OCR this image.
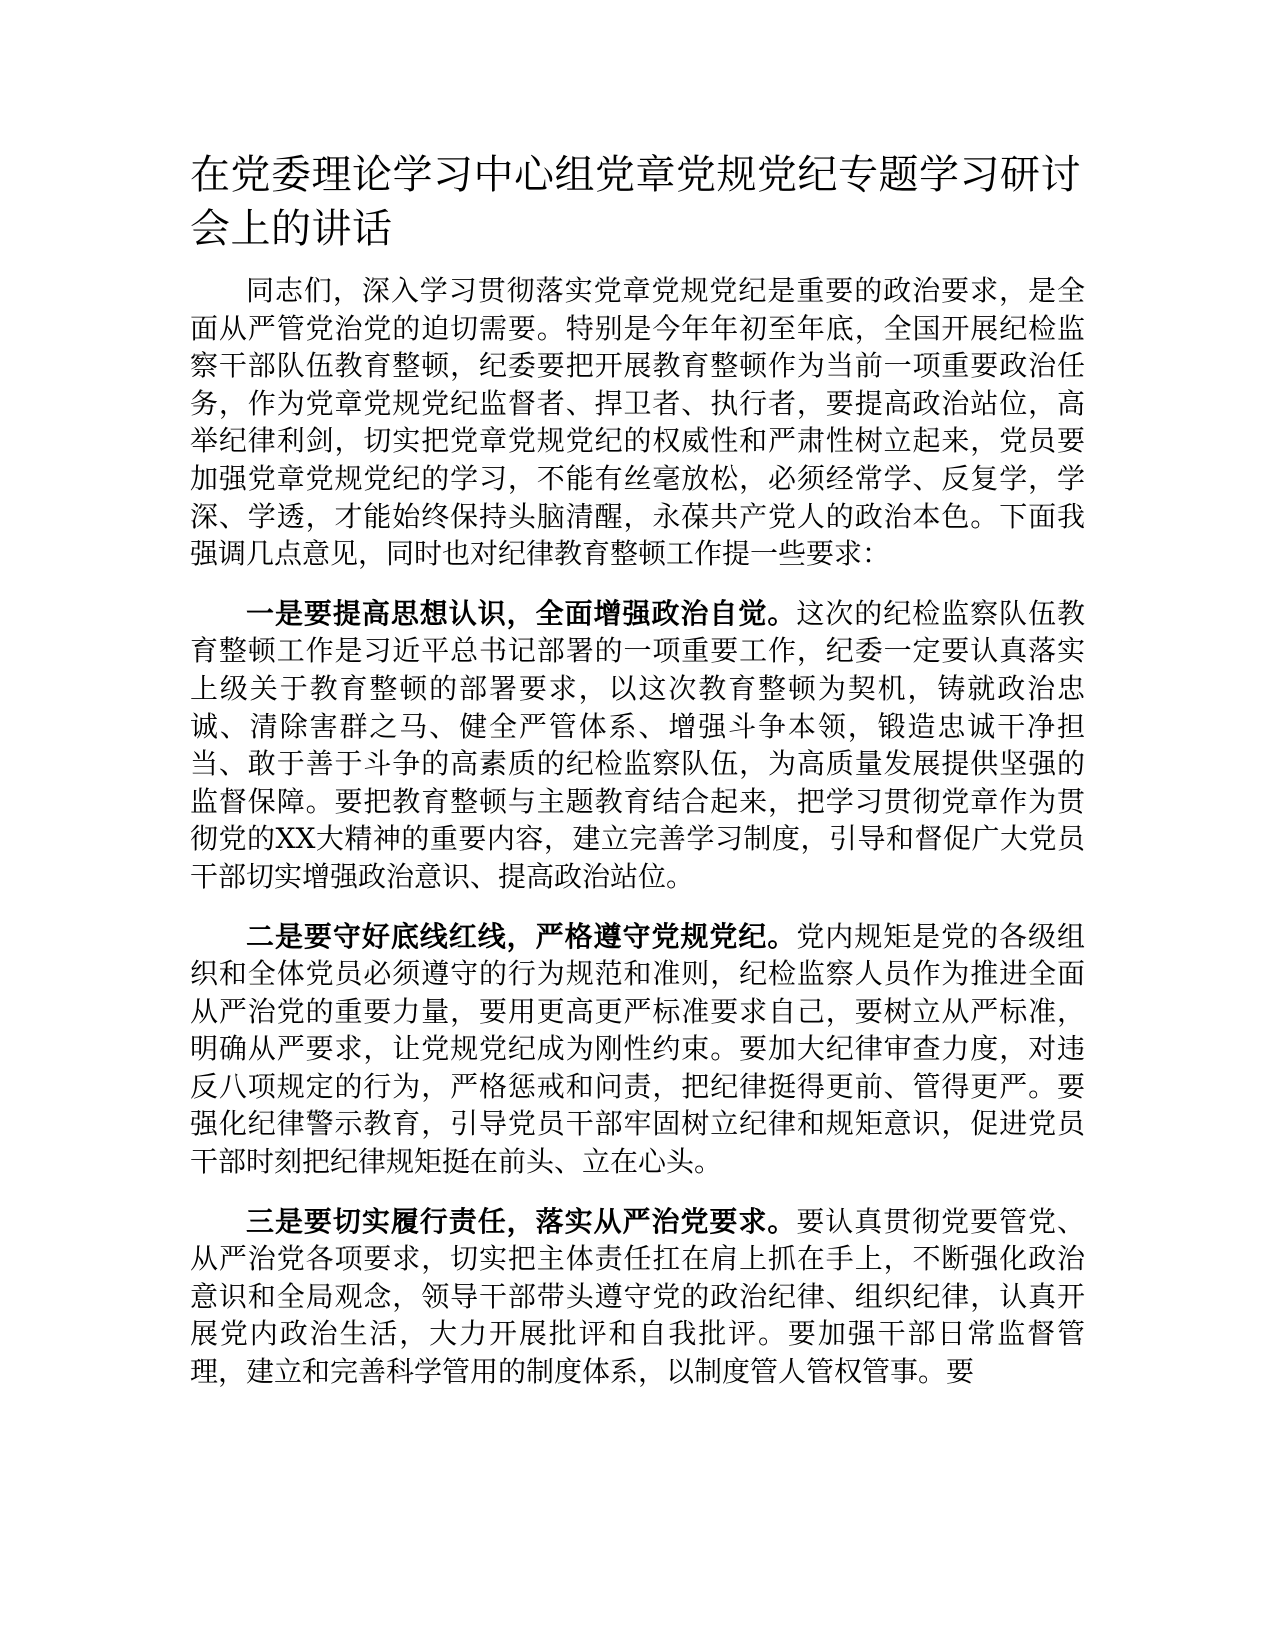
在党委理论学习中心组党章党规党纪专题学习研讨会上的讲话

同志们，深入学习贯彻落实党章党规党纪是重要的政治要求，是全面从严管党治党的迫切需要。特别是今年年初至年底，全国开展纪检监察干部队伍教育整顿，纪委要把开展教育整顿作为当前一项重要政治任务，作为党章党规党纪监督者、捍卫者、执行者，要提高政治站位，高举纪律利剑，切实把党章党规党纪的权威性和严肃性树立起来，党员要加强党章党规党纪的学习，不能有丝毫放松，必须经常学、反复学，学深、学透，才能始终保持头脑清醒，永葆共产党人的政治本色。下面我强调几点意见，同时也对纪律教育整顿工作提一些要求：

一是要提高思想认识，全面增强政治自觉。这次的纪检监察队伍教育整顿工作是习近平总书记部署的一项重要工作，纪委一定要认真落实上级关于教育整顿的部署要求，以这次教育整顿为契机，铸就政治忠诚、清除害群之马、健全严管体系、增强斗争本领，锻造忠诚干净担当、敢于善于斗争的高素质的纪检监察队伍，为高质量发展提供坚强的监督保障。要把教育整顿与主题教育结合起来，把学习贯彻党章作为贯彻党的XX大精神的重要内容，建立完善学习制度，引导和督促广大党员干部切实增强政治意识、提高政治站位。

二是要守好底线红线，严格遵守党规党纪。党内规矩是党的各级组织和全体党员必须遵守的行为规范和准则，纪检监察人员作为推进全面从严治党的重要力量，要用更高更严标准要求自己，要树立从严标准，明确从严要求，让党规党纪成为刚性约束。要加大纪律审查力度，对违反八项规定的行为，严格惩戒和问责，把纪律挺得更前、管得更严。要强化纪律警示教育，引导党员干部牢固树立纪律和规矩意识，促进党员干部时刻把纪律规矩挺在前头、立在心头。

三是要切实履行责任，落实从严治党要求。要认真贯彻党要管党、从严治党各项要求，切实把主体责任扛在肩上抓在手上，不断强化政治意识和全局观念，领导干部带头遵守党的政治纪律、组织纪律，认真开展党内政治生活，大力开展批评和自我批评。要加强干部日常监督管理，建立和完善科学管用的制度体系，以制度管人管权管事。要
